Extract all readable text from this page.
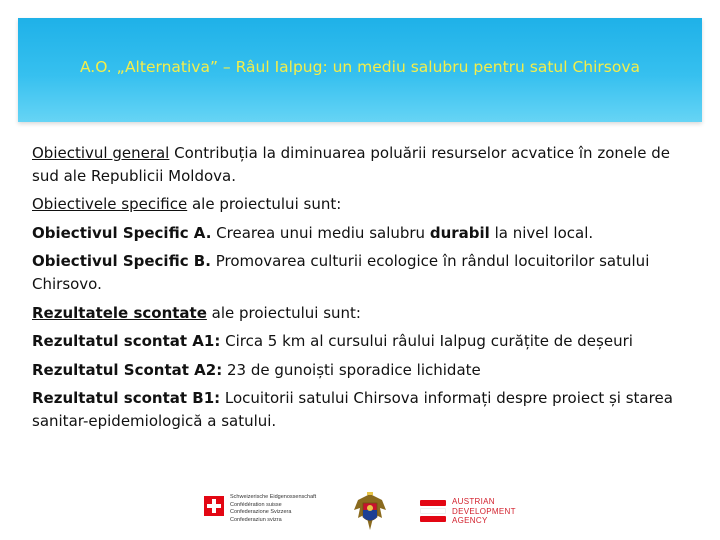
A.O. „Alternativa” – Râul Ialpug: un mediu salubru pentru satul Chirsova

Obiectivul general Contribuția la diminuarea poluării resurselor acvatice în zonele de sud ale Republicii Moldova.

Obiectivele specifice ale proiectului sunt:

Obiectivul Specific A. Crearea unui mediu salubru durabil la nivel local.

Obiectivul Specific B. Promovarea culturii ecologice în rândul locuitorilor satului Chirsovo.

Rezultatele scontate ale proiectului sunt:

Rezultatul scontat A1: Circa 5 km al cursului râului Ialpug curățite de deșeuri

Rezultatul Scontat A2: 23 de gunoiști sporadice lichidate

Rezultatul scontat B1: Locuitorii satului Chirsova informați despre proiect și starea sanitar-epidemiologică a satului.

Schweizerische Eidgenossenschaft
Confédération suisse
Confederazione Svizzera
Confederaziun svizra
AUSTRIAN
DEVELOPMENT
AGENCY
